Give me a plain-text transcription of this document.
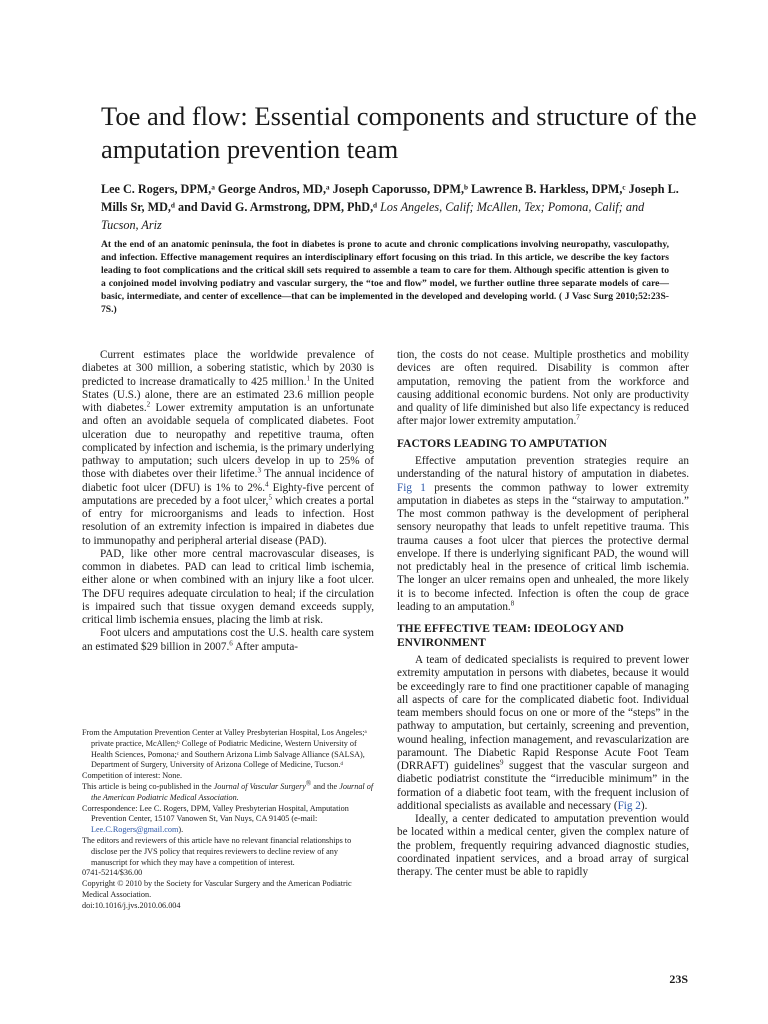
Toe and flow: Essential components and structure of the amputation prevention team
Lee C. Rogers, DPM,ᵃ George Andros, MD,ᵃ Joseph Caporusso, DPM,ᵇ Lawrence B. Harkless, DPM,ᶜ Joseph L. Mills Sr, MD,ᵈ and David G. Armstrong, DPM, PhD,ᵈ Los Angeles, Calif; McAllen, Tex; Pomona, Calif; and Tucson, Ariz
At the end of an anatomic peninsula, the foot in diabetes is prone to acute and chronic complications involving neuropathy, vasculopathy, and infection. Effective management requires an interdisciplinary effort focusing on this triad. In this article, we describe the key factors leading to foot complications and the critical skill sets required to assemble a team to care for them. Although specific attention is given to a conjoined model involving podiatry and vascular surgery, the “toe and flow” model, we further outline three separate models of care—basic, intermediate, and center of excellence—that can be implemented in the developed and developing world. ( J Vasc Surg 2010;52:23S-7S.)

Current estimates place the worldwide prevalence of diabetes at 300 million, a sobering statistic, which by 2030 is predicted to increase dramatically to 425 million.$^1$ In the United States (U.S.) alone, there are an estimated 23.6 million people with diabetes.$^2$ Lower extremity amputation is an unfortunate and often an avoidable sequela of complicated diabetes. Foot ulceration due to neuropathy and repetitive trauma, often complicated by infection and ischemia, is the primary underlying pathway to amputation; such ulcers develop in up to 25% of those with diabetes over their lifetime.$^3$ The annual incidence of diabetic foot ulcer (DFU) is 1% to 2%.$^4$ Eighty-five percent of amputations are preceded by a foot ulcer,$^5$ which creates a portal of entry for microorganisms and leads to infection. Host resolution of an extremity infection is impaired in diabetes due to immunopathy and peripheral arterial disease (PAD).

PAD, like other more central macrovascular diseases, is common in diabetes. PAD can lead to critical limb ischemia, either alone or when combined with an injury like a foot ulcer. The DFU requires adequate circulation to heal; if the circulation is impaired such that tissue oxygen demand exceeds supply, critical limb ischemia ensues, placing the limb at risk.

Foot ulcers and amputations cost the U.S. health care system an estimated $29 billion in 2007.$^6$ After amputa-

From the Amputation Prevention Center at Valley Presbyterian Hospital, Los Angeles;ᵃ private practice, McAllen;ᵇ College of Podiatric Medicine, Western University of Health Sciences, Pomona;ᶜ and Southern Arizona Limb Salvage Alliance (SALSA), Department of Surgery, University of Arizona College of Medicine, Tucson.ᵈ

Competition of interest: None.

This article is being co-published in the Journal of Vascular Surgery® and the Journal of the American Podiatric Medical Association.

Correspondence: Lee C. Rogers, DPM, Valley Presbyterian Hospital, Amputation Prevention Center, 15107 Vanowen St, Van Nuys, CA 91405 (e-mail: Lee.C.Rogers@gmail.com).

The editors and reviewers of this article have no relevant financial relationships to disclose per the JVS policy that requires reviewers to decline review of any manuscript for which they may have a competition of interest.

0741-5214/$36.00

Copyright © 2010 by the Society for Vascular Surgery and the American Podiatric Medical Association.

doi:10.1016/j.jvs.2010.06.004

tion, the costs do not cease. Multiple prosthetics and mobility devices are often required. Disability is common after amputation, removing the patient from the workforce and causing additional economic burdens. Not only are productivity and quality of life diminished but also life expectancy is reduced after major lower extremity amputation.$^7$

FACTORS LEADING TO AMPUTATION

Effective amputation prevention strategies require an understanding of the natural history of amputation in diabetes. Fig 1 presents the common pathway to lower extremity amputation in diabetes as steps in the “stairway to amputation.” The most common pathway is the development of peripheral sensory neuropathy that leads to unfelt repetitive trauma. This trauma causes a foot ulcer that pierces the protective dermal envelope. If there is underlying significant PAD, the wound will not predictably heal in the presence of critical limb ischemia. The longer an ulcer remains open and unhealed, the more likely it is to become infected. Infection is often the coup de grace leading to an amputation.$^8$

THE EFFECTIVE TEAM: IDEOLOGY AND ENVIRONMENT

A team of dedicated specialists is required to prevent lower extremity amputation in persons with diabetes, because it would be exceedingly rare to find one practitioner capable of managing all aspects of care for the complicated diabetic foot. Individual team members should focus on one or more of the “steps” in the pathway to amputation, but certainly, screening and prevention, wound healing, infection management, and revascularization are paramount. The Diabetic Rapid Response Acute Foot Team (DRRAFT) guidelines$^9$ suggest that the vascular surgeon and diabetic podiatrist constitute the “irreducible minimum” in the formation of a diabetic foot team, with the frequent inclusion of additional specialists as available and necessary (Fig 2).

Ideally, a center dedicated to amputation prevention would be located within a medical center, given the complex nature of the problem, frequently requiring advanced diagnostic studies, coordinated inpatient services, and a broad array of surgical therapy. The center must be able to rapidly

23S
